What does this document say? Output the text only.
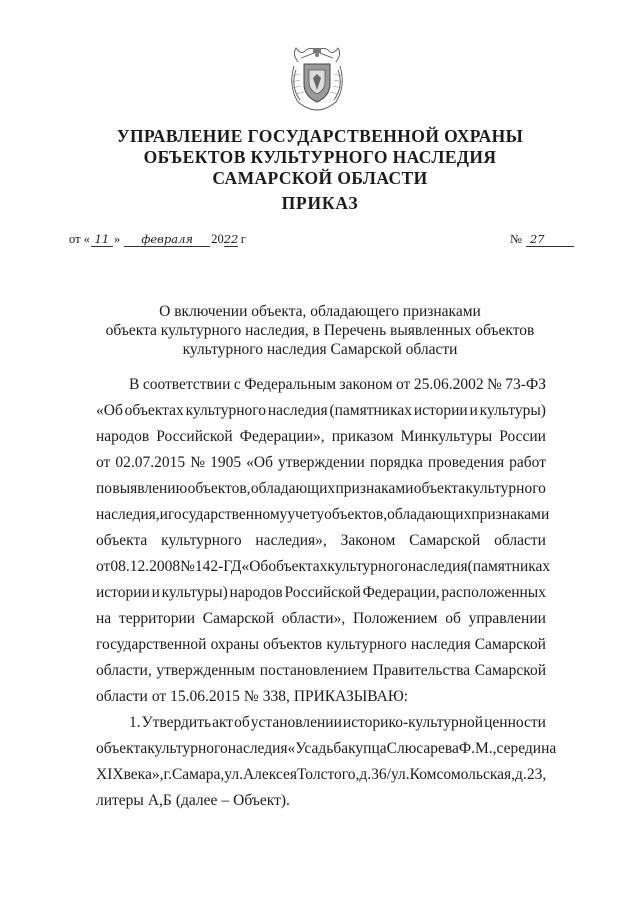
УПРАВЛЕНИЕ ГОСУДАРСТВЕННОЙ ОХРАНЫ
ОБЪЕКТОВ КУЛЬТУРНОГО НАСЛЕДИЯ
САМАРСКОЙ ОБЛАСТИ
ПРИКАЗ
от « 11 »	февраля	20 22 г	№ 27
О включении объекта, обладающего признаками
объекта культурного наследия, в Перечень выявленных объектов
культурного наследия Самарской области
В соответствии с Федеральным законом от 25.06.2002 № 73-ФЗ
«Об объектах культурного наследия (памятниках истории и культуры)
народов Российской Федерации», приказом Минкультуры России
от 02.07.2015 № 1905 «Об утверждении порядка проведения работ
по выявлению объектов, обладающих признаками объекта культурного
наследия, и государственному учету объектов, обладающих признаками
объекта культурного наследия», Законом Самарской области
от 08.12.2008 № 142-ГД «Об объектах культурного наследия (памятниках
истории и культуры) народов Российской Федерации, расположенных
на территории Самарской области», Положением об управлении
государственной охраны объектов культурного наследия Самарской
области, утвержденным постановлением Правительства Самарской
области от 15.06.2015 № 338, ПРИКАЗЫВАЮ:
1. Утвердить акт об установлении историко-культурной ценности
объекта культурного наследия «Усадьба купца Слюсарева Ф.М., середина
XIX века», г. Самара, ул. Алексея Толстого, д. 36/ул. Комсомольская, д. 23,
литеры А,Б (далее – Объект).
